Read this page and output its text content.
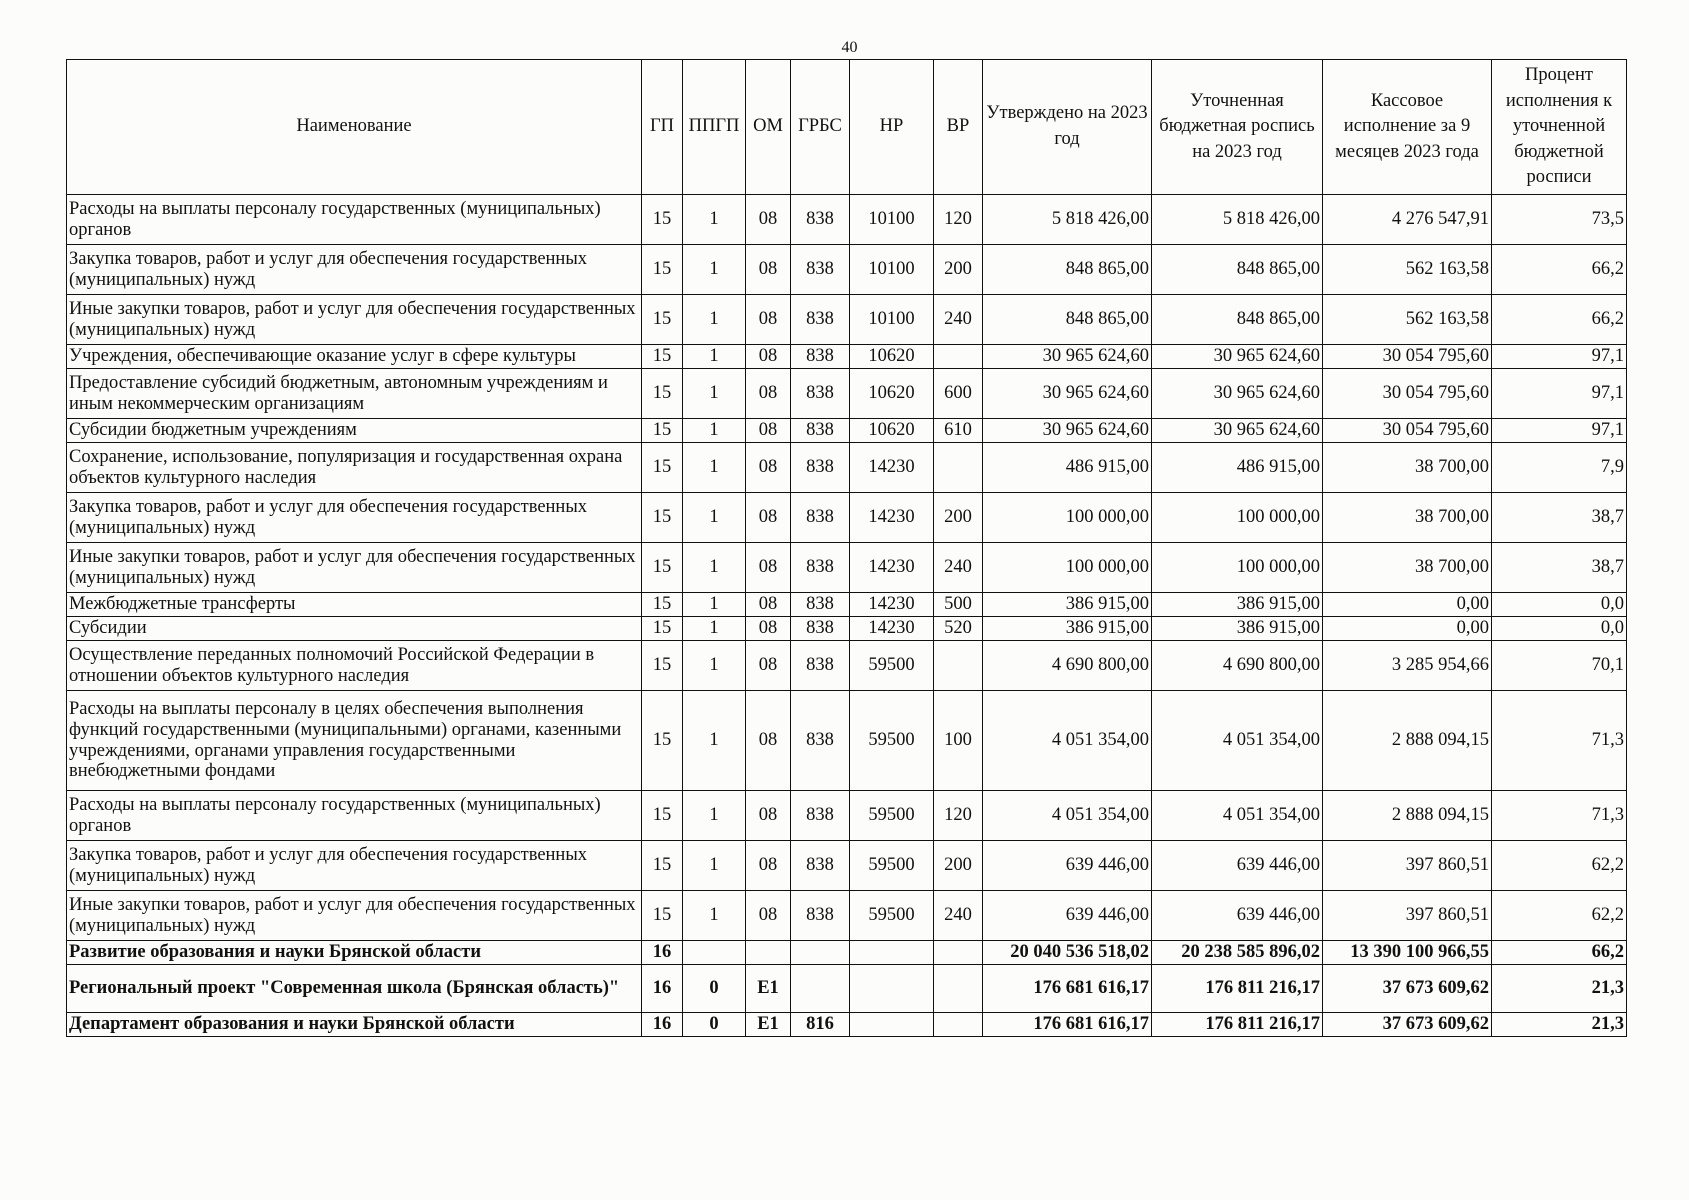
40
Наименование	ГП	ППГП	ОМ	ГРБС	НР	ВР	Утверждено на 2023 год	Уточненная бюджетная роспись на 2023 год	Кассовое исполнение за 9 месяцев 2023 года	Процент исполнения к уточненной бюджетной росписи
Расходы на выплаты персоналу государственных (муниципальных) органов	15	1	08	838	10100	120	5 818 426,00	5 818 426,00	4 276 547,91	73,5
Закупка товаров, работ и услуг для обеспечения государственных (муниципальных) нужд	15	1	08	838	10100	200	848 865,00	848 865,00	562 163,58	66,2
Иные закупки товаров, работ и услуг для обеспечения государственных (муниципальных) нужд	15	1	08	838	10100	240	848 865,00	848 865,00	562 163,58	66,2
Учреждения, обеспечивающие оказание услуг в сфере культуры	15	1	08	838	10620		30 965 624,60	30 965 624,60	30 054 795,60	97,1
Предоставление субсидий бюджетным, автономным учреждениям и иным некоммерческим организациям	15	1	08	838	10620	600	30 965 624,60	30 965 624,60	30 054 795,60	97,1
Субсидии бюджетным учреждениям	15	1	08	838	10620	610	30 965 624,60	30 965 624,60	30 054 795,60	97,1
Сохранение, использование, популяризация и государственная охрана объектов культурного наследия	15	1	08	838	14230		486 915,00	486 915,00	38 700,00	7,9
Закупка товаров, работ и услуг для обеспечения государственных (муниципальных) нужд	15	1	08	838	14230	200	100 000,00	100 000,00	38 700,00	38,7
Иные закупки товаров, работ и услуг для обеспечения государственных (муниципальных) нужд	15	1	08	838	14230	240	100 000,00	100 000,00	38 700,00	38,7
Межбюджетные трансферты	15	1	08	838	14230	500	386 915,00	386 915,00	0,00	0,0
Субсидии	15	1	08	838	14230	520	386 915,00	386 915,00	0,00	0,0
Осуществление переданных полномочий Российской Федерации в отношении объектов культурного наследия	15	1	08	838	59500		4 690 800,00	4 690 800,00	3 285 954,66	70,1
Расходы на выплаты персоналу в целях обеспечения выполнения функций государственными (муниципальными) органами, казенными учреждениями, органами управления государственными внебюджетными фондами	15	1	08	838	59500	100	4 051 354,00	4 051 354,00	2 888 094,15	71,3
Расходы на выплаты персоналу государственных (муниципальных) органов	15	1	08	838	59500	120	4 051 354,00	4 051 354,00	2 888 094,15	71,3
Закупка товаров, работ и услуг для обеспечения государственных (муниципальных) нужд	15	1	08	838	59500	200	639 446,00	639 446,00	397 860,51	62,2
Иные закупки товаров, работ и услуг для обеспечения государственных (муниципальных) нужд	15	1	08	838	59500	240	639 446,00	639 446,00	397 860,51	62,2
Развитие образования и науки Брянской области	16						20 040 536 518,02	20 238 585 896,02	13 390 100 966,55	66,2
Региональный проект "Современная школа (Брянская область)"	16	0	E1				176 681 616,17	176 811 216,17	37 673 609,62	21,3
Департамент образования и науки Брянской области	16	0	E1	816			176 681 616,17	176 811 216,17	37 673 609,62	21,3
